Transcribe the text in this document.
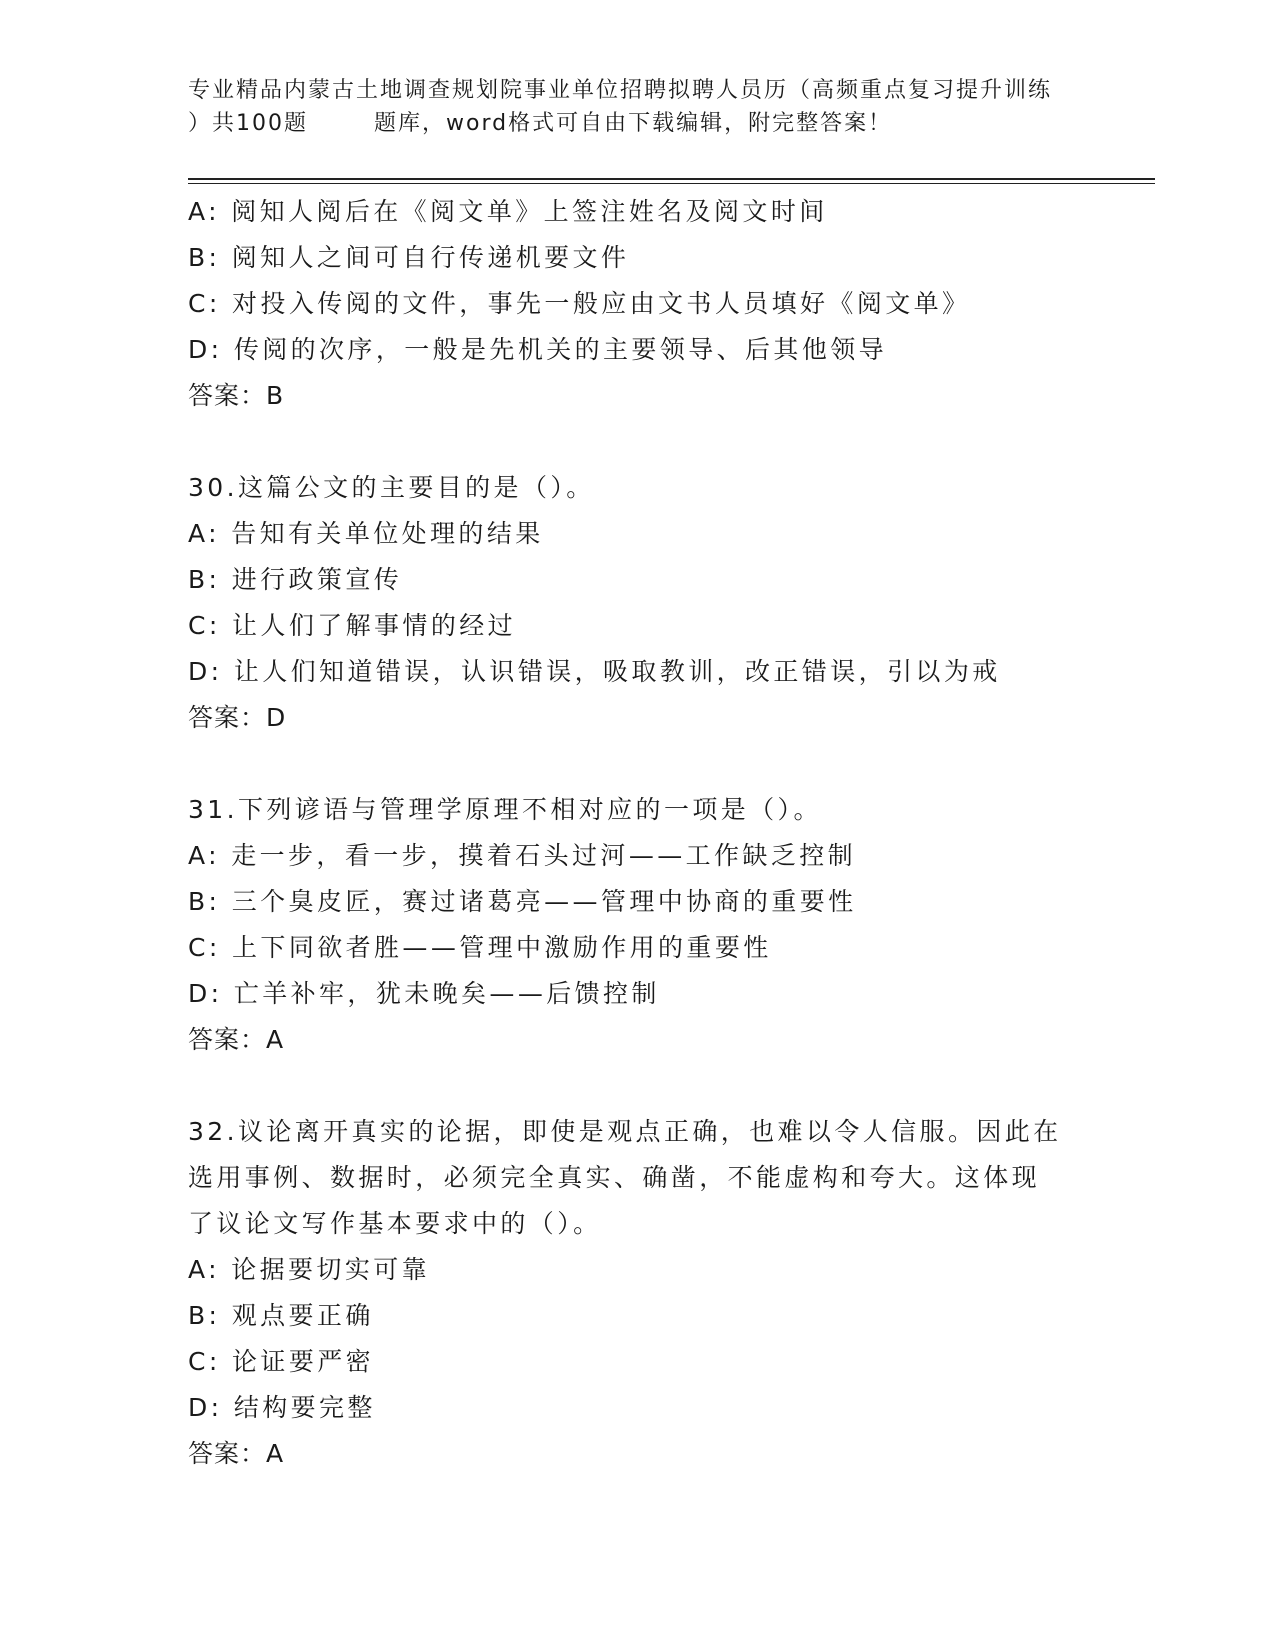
专业精品内蒙古土地调查规划院事业单位招聘拟聘人员历（高频重点复习提升训练
）共100题	题库，word格式可自由下载编辑，附完整答案！
A: 阅知人阅后在《阅文单》上签注姓名及阅文时间
B: 阅知人之间可自行传递机要文件
C: 对投入传阅的文件，事先一般应由文书人员填好《阅文单》
D: 传阅的次序，一般是先机关的主要领导、后其他领导
答案：B
30.这篇公文的主要目的是（）。
A: 告知有关单位处理的结果
B: 进行政策宣传
C: 让人们了解事情的经过
D: 让人们知道错误，认识错误，吸取教训，改正错误，引以为戒
答案：D
31.下列谚语与管理学原理不相对应的一项是（）。
A: 走一步，看一步，摸着石头过河——工作缺乏控制
B: 三个臭皮匠，赛过诸葛亮——管理中协商的重要性
C: 上下同欲者胜——管理中激励作用的重要性
D: 亡羊补牢，犹未晚矣——后馈控制
答案：A
32.议论离开真实的论据，即使是观点正确，也难以令人信服。因此在
选用事例、数据时，必须完全真实、确凿，不能虚构和夸大。这体现
了议论文写作基本要求中的（）。
A: 论据要切实可靠
B: 观点要正确
C: 论证要严密
D: 结构要完整
答案：A
